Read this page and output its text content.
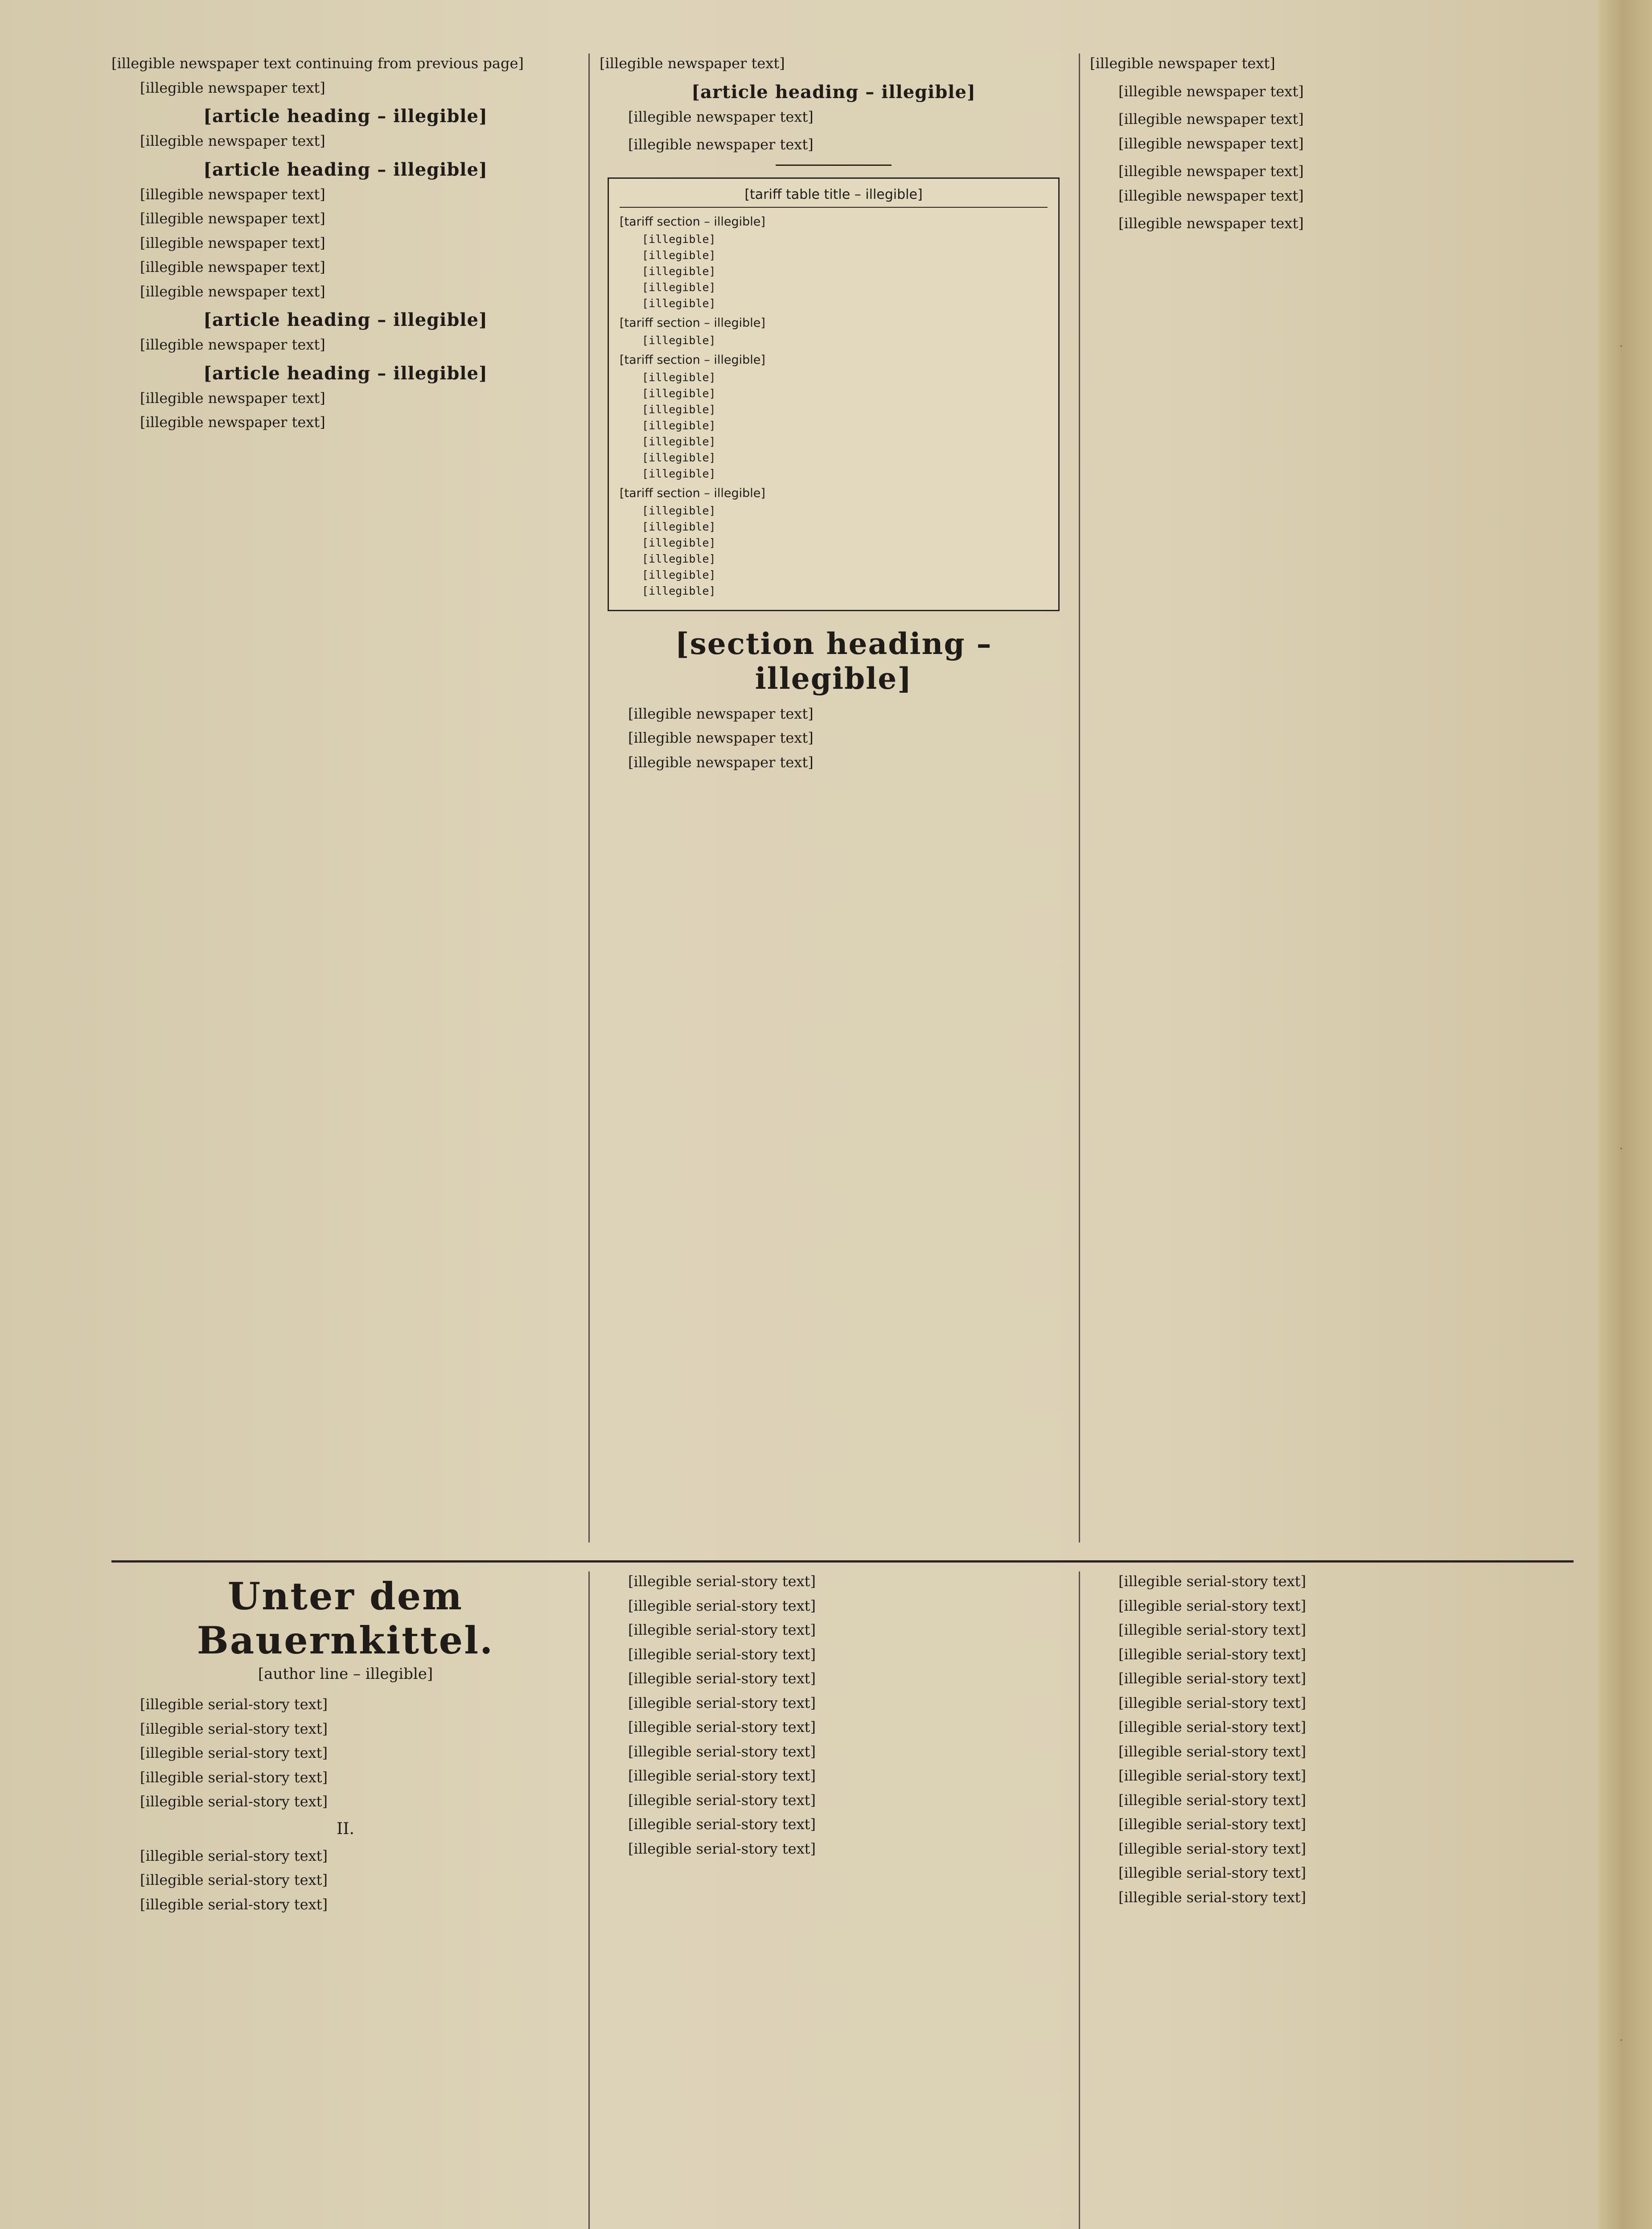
·
·
·
[illegible newspaper text continuing from previous page]
[illegible newspaper text]
[article heading – illegible]
[illegible newspaper text]
[article heading – illegible]
[illegible newspaper text]
[illegible newspaper text]
[illegible newspaper text]
[illegible newspaper text]
[illegible newspaper text]
[article heading – illegible]
[illegible newspaper text]
[article heading – illegible]
[illegible newspaper text]
[illegible newspaper text]
[illegible newspaper text]
[article heading – illegible]
[illegible newspaper text]
[illegible newspaper text]
[tariff table title – illegible]
[tariff section – illegible]
[illegible]
[illegible]
[illegible]
[illegible]
[illegible]
[tariff section – illegible]
[illegible]
[tariff section – illegible]
[illegible]
[illegible]
[illegible]
[illegible]
[illegible]
[illegible]
[illegible]
[tariff section – illegible]
[illegible]
[illegible]
[illegible]
[illegible]
[illegible]
[illegible]
[section heading – illegible]
[illegible newspaper text]
[illegible newspaper text]
[illegible newspaper text]
[illegible newspaper text]
[illegible newspaper text]
[illegible newspaper text]
[illegible newspaper text]
[illegible newspaper text]
[illegible newspaper text]
[illegible newspaper text]
Unter dem Bauernkittel.
[author line – illegible]
[illegible serial-story text]
[illegible serial-story text]
[illegible serial-story text]
[illegible serial-story text]
[illegible serial-story text]
II.
[illegible serial-story text]
[illegible serial-story text]
[illegible serial-story text]
[illegible serial-story text]
[illegible serial-story text]
[illegible serial-story text]
[illegible serial-story text]
[illegible serial-story text]
[illegible serial-story text]
[illegible serial-story text]
[illegible serial-story text]
[illegible serial-story text]
[illegible serial-story text]
[illegible serial-story text]
[illegible serial-story text]
[illegible serial-story text]
[illegible serial-story text]
[illegible serial-story text]
[illegible serial-story text]
[illegible serial-story text]
[illegible serial-story text]
[illegible serial-story text]
[illegible serial-story text]
[illegible serial-story text]
[illegible serial-story text]
[illegible serial-story text]
[illegible serial-story text]
[illegible serial-story text]
[illegible serial-story text]
